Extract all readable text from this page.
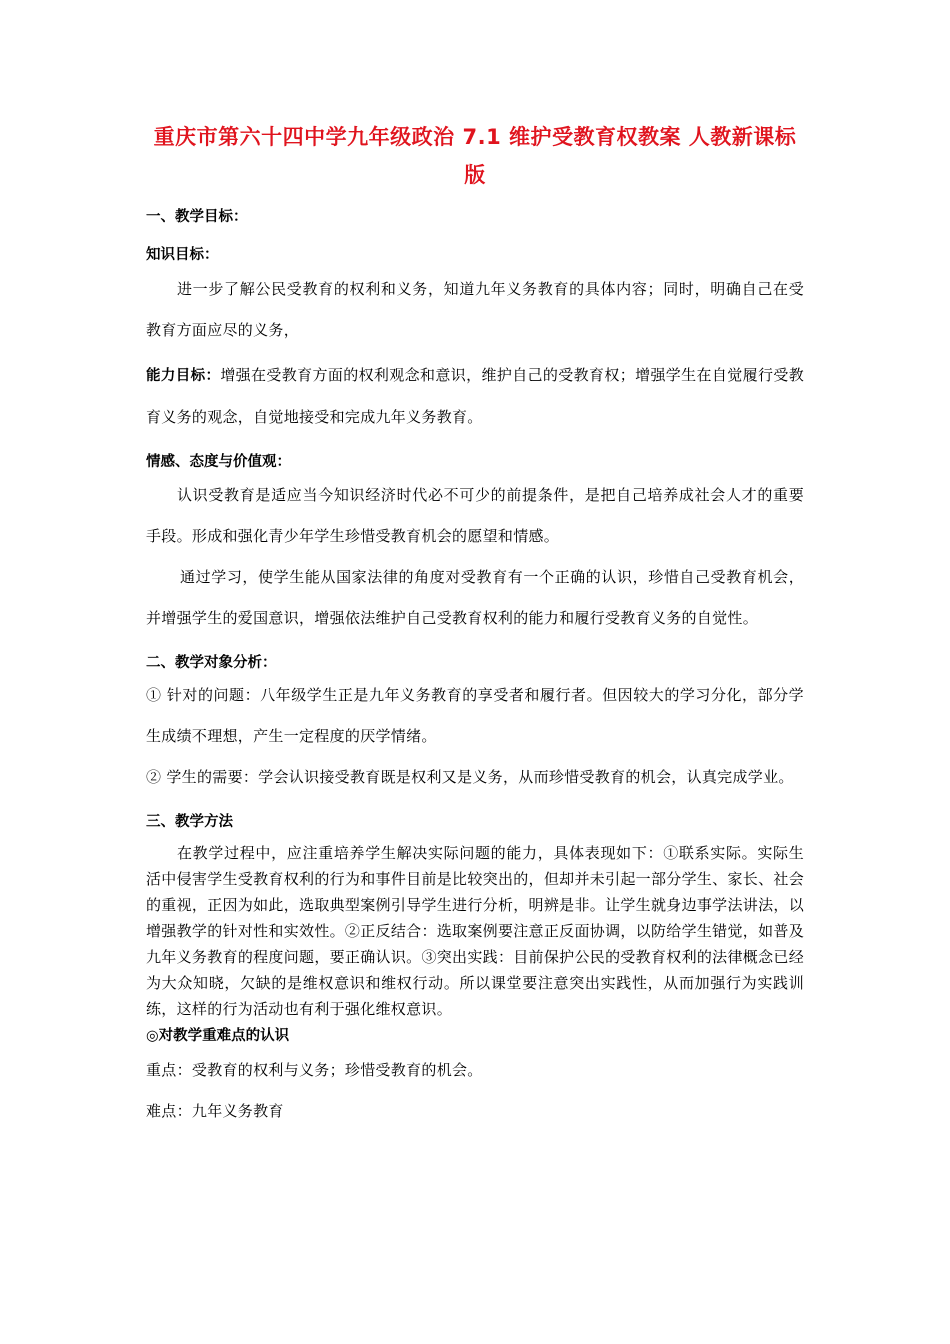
重庆市第六十四中学九年级政治 7.1 维护受教育权教案 人教新课标版

一、教学目标：

知识目标：

进一步了解公民受教育的权利和义务，知道九年义务教育的具体内容；同时，明确自己在受教育方面应尽的义务，

能力目标：增强在受教育方面的权利观念和意识，维护自己的受教育权；增强学生在自觉履行受教育义务的观念，自觉地接受和完成九年义务教育。

情感、态度与价值观：

认识受教育是适应当今知识经济时代必不可少的前提条件，是把自己培养成社会人才的重要手段。形成和强化青少年学生珍惜受教育机会的愿望和情感。

通过学习，使学生能从国家法律的角度对受教育有一个正确的认识，珍惜自己受教育机会，并增强学生的爱国意识，增强依法维护自己受教育权利的能力和履行受教育义务的自觉性。

二、教学对象分析：

① 针对的问题：八年级学生正是九年义务教育的享受者和履行者。但因较大的学习分化，部分学生成绩不理想，产生一定程度的厌学情绪。

② 学生的需要：学会认识接受教育既是权利又是义务，从而珍惜受教育的机会，认真完成学业。

三、教学方法

在教学过程中，应注重培养学生解决实际问题的能力，具体表现如下：①联系实际。实际生活中侵害学生受教育权利的行为和事件目前是比较突出的，但却并未引起一部分学生、家长、社会的重视，正因为如此，选取典型案例引导学生进行分析，明辨是非。让学生就身边事学法讲法，以增强教学的针对性和实效性。②正反结合：选取案例要注意正反面协调，以防给学生错觉，如普及九年义务教育的程度问题，要正确认识。③突出实践：目前保护公民的受教育权利的法律概念已经为大众知晓，欠缺的是维权意识和维权行动。所以课堂要注意突出实践性，从而加强行为实践训练，这样的行为活动也有利于强化维权意识。

◎对教学重难点的认识

重点：受教育的权利与义务；珍惜受教育的机会。

难点：九年义务教育
